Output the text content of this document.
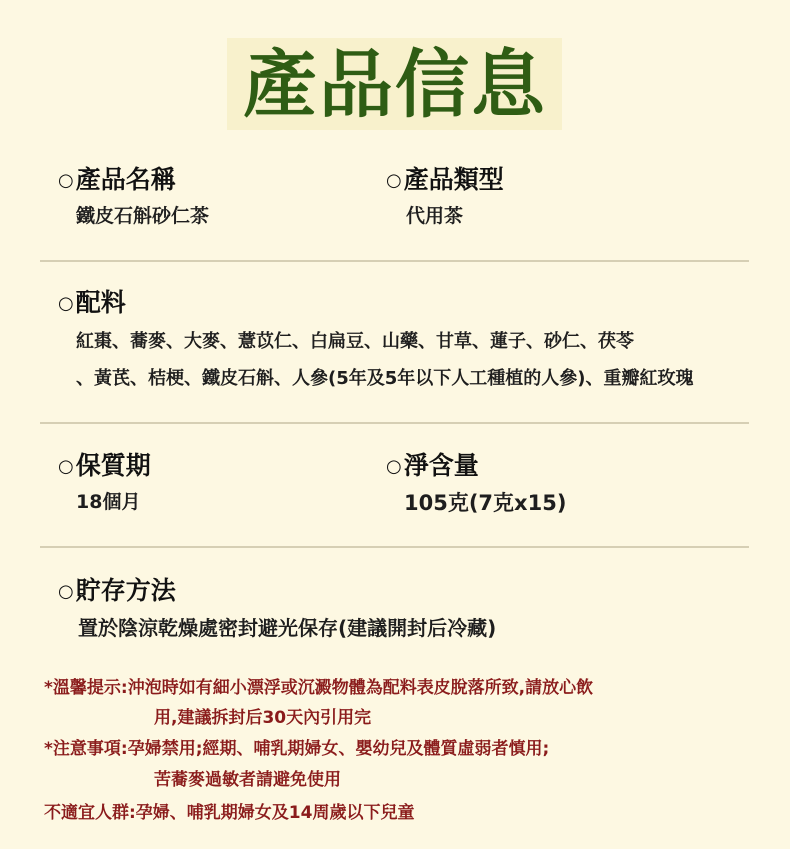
產品信息
○產品名稱
鐵皮石斛砂仁茶
○產品類型
代用茶
○配料
紅棗、蕎麥、大麥、薏苡仁、白扁豆、山藥、甘草、蓮子、砂仁、茯苓
、黃芪、桔梗、鐵皮石斛、人參(5年及5年以下人工種植的人參)、重瓣紅玫瑰
○保質期
18個月
○淨含量
105克(7克x15)
○貯存方法
置於陰涼乾燥處密封避光保存(建議開封后冷藏)
*溫馨提示:沖泡時如有細小漂浮或沉澱物體為配料表皮脫落所致,請放心飲
用,建議拆封后30天內引用完
*注意事項:孕婦禁用;經期、哺乳期婦女、嬰幼兒及體質虛弱者慎用;
苦蕎麥過敏者請避免使用
不適宜人群:孕婦、哺乳期婦女及14周歲以下兒童
